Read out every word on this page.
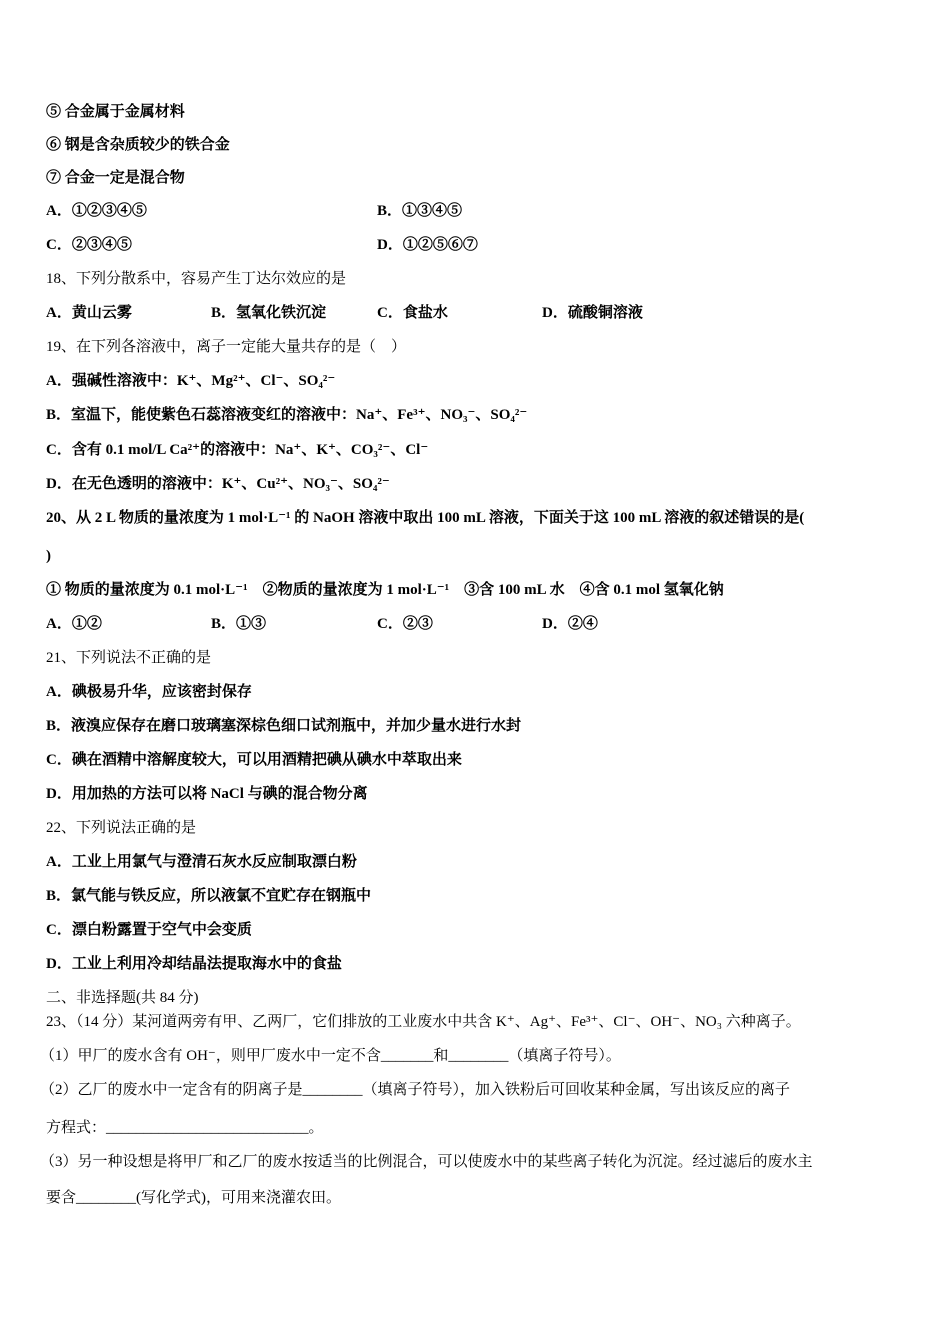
⑤ 合金属于金属材料
⑥ 钢是含杂质较少的铁合金
⑦ 合金一定是混合物
A．①②③④⑤	B．①③④⑤
C．②③④⑤	D．①②⑤⑥⑦
18、下列分散系中，容易产生丁达尔效应的是
A．黄山云雾	B．氢氧化铁沉淀	C．食盐水	D．硫酸铜溶液
19、在下列各溶液中，离子一定能大量共存的是（　）
A．强碱性溶液中：K⁺、Mg²⁺、Cl⁻、SO₄²⁻
B．室温下，能使紫色石蕊溶液变红的溶液中：Na⁺、Fe³⁺、NO₃⁻、SO₄²⁻
C．含有 0.1 mol/L Ca²⁺的溶液中：Na⁺、K⁺、CO₃²⁻、Cl⁻
D．在无色透明的溶液中：K⁺、Cu²⁺、NO₃⁻、SO₄²⁻
20、从 2 L 物质的量浓度为 1 mol·L⁻¹ 的 NaOH 溶液中取出 100 mL 溶液，下面关于这 100 mL 溶液的叙述错误的是(
)
① 物质的量浓度为 0.1 mol·L⁻¹　②物质的量浓度为 1 mol·L⁻¹　③含 100 mL 水　④含 0.1 mol 氢氧化钠
A．①②	B．①③	C．②③	D．②④
21、下列说法不正确的是
A．碘极易升华，应该密封保存
B．液溴应保存在磨口玻璃塞深棕色细口试剂瓶中，并加少量水进行水封
C．碘在酒精中溶解度较大，可以用酒精把碘从碘水中萃取出来
D．用加热的方法可以将 NaCl 与碘的混合物分离
22、下列说法正确的是
A．工业上用氯气与澄清石灰水反应制取漂白粉
B．氯气能与铁反应，所以液氯不宜贮存在钢瓶中
C．漂白粉露置于空气中会变质
D．工业上利用冷却结晶法提取海水中的食盐
二、非选择题(共 84 分)
23、（14 分）某河道两旁有甲、乙两厂，它们排放的工业废水中共含 K⁺、Ag⁺、Fe³⁺、Cl⁻、OH⁻、NO₃ 六种离子。
（1）甲厂的废水含有 OH⁻，则甲厂废水中一定不含_______和________（填离子符号）。
（2）乙厂的废水中一定含有的阴离子是________（填离子符号），加入铁粉后可回收某种金属，写出该反应的离子
方程式：___________________________。
（3）另一种设想是将甲厂和乙厂的废水按适当的比例混合，可以使废水中的某些离子转化为沉淀。经过滤后的废水主
要含________(写化学式)，可用来浇灌农田。
